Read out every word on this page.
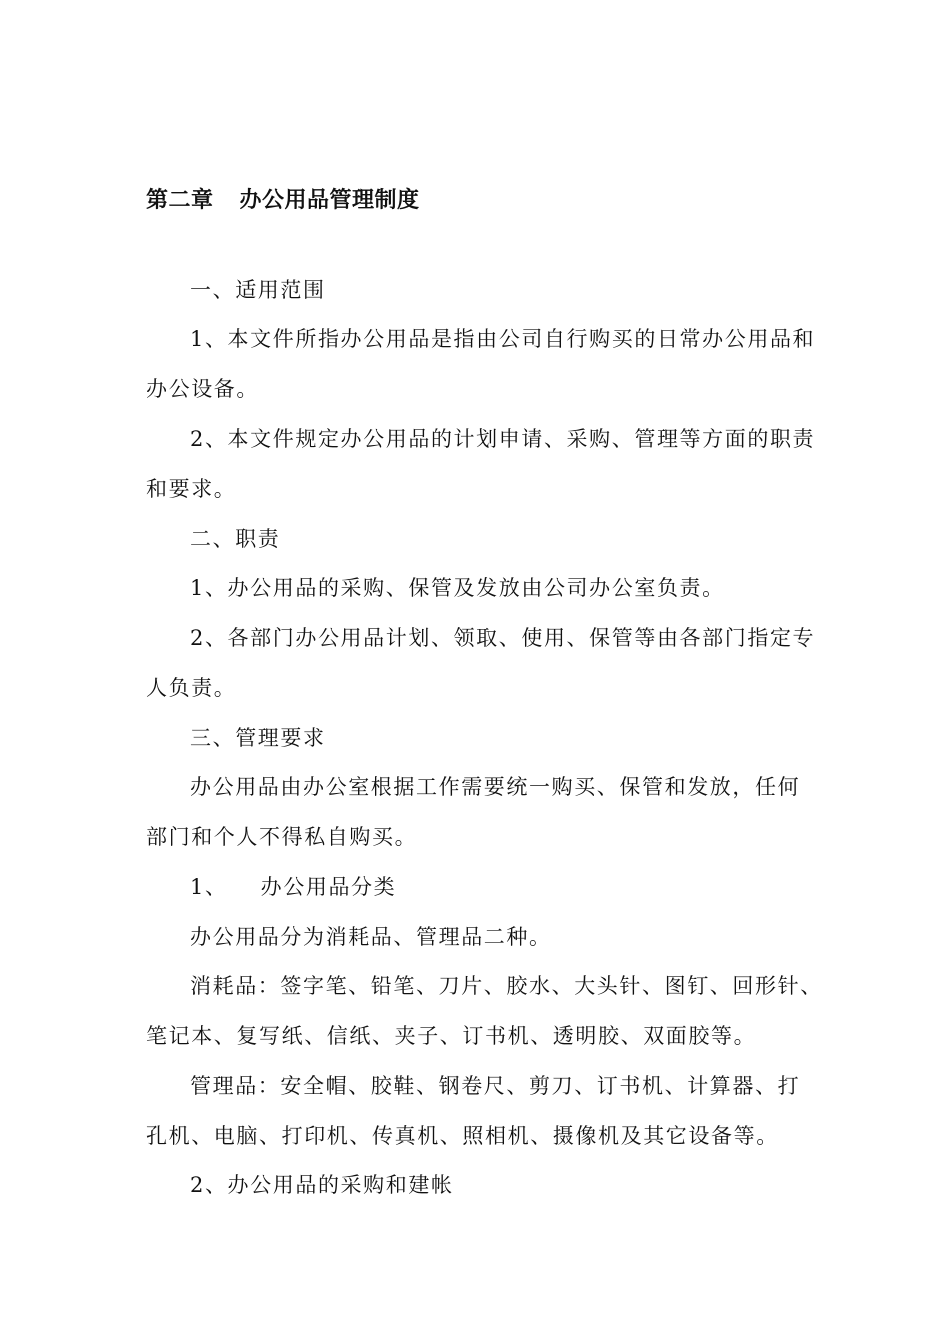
第二章 办公用品管理制度
一、适用范围
1、本文件所指办公用品是指由公司自行购买的日常办公用品和
办公设备。
2、本文件规定办公用品的计划申请、采购、管理等方面的职责
和要求。
二、职责
1、办公用品的采购、保管及发放由公司办公室负责。
2、各部门办公用品计划、领取、使用、保管等由各部门指定专
人负责。
三、管理要求
办公用品由办公室根据工作需要统一购买、保管和发放，任何
部门和个人不得私自购买。
1、    办公用品分类
办公用品分为消耗品、管理品二种。
消耗品：签字笔、铅笔、刀片、胶水、大头针、图钉、回形针、
笔记本、复写纸、信纸、夹子、订书机、透明胶、双面胶等。
管理品：安全帽、胶鞋、钢卷尺、剪刀、订书机、计算器、打
孔机、电脑、打印机、传真机、照相机、摄像机及其它设备等。
2、办公用品的采购和建帐
